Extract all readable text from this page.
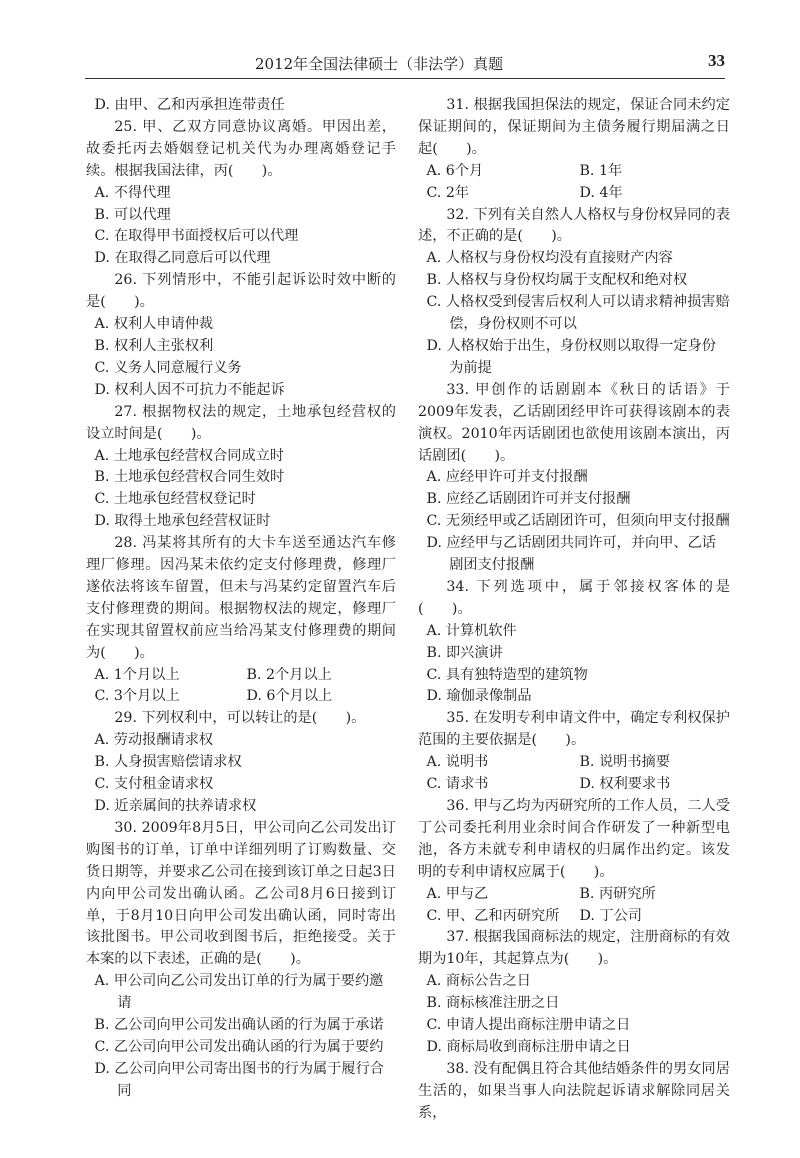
2012年全国法律硕士（非法学）真题	33

D. 由甲、乙和丙承担连带责任

25. 甲、乙双方同意协议离婚。甲因出差，故委托丙去婚姻登记机关代为办理离婚登记手续。根据我国法律，丙(　　)。

A. 不得代理

B. 可以代理

C. 在取得甲书面授权后可以代理

D. 在取得乙同意后可以代理

26. 下列情形中，不能引起诉讼时效中断的是(　　)。

A. 权利人申请仲裁

B. 权利人主张权利

C. 义务人同意履行义务

D. 权利人因不可抗力不能起诉

27. 根据物权法的规定，土地承包经营权的设立时间是(　　)。

A. 土地承包经营权合同成立时

B. 土地承包经营权合同生效时

C. 土地承包经营权登记时

D. 取得土地承包经营权证时

28. 冯某将其所有的大卡车送至通达汽车修理厂修理。因冯某未依约定支付修理费，修理厂遂依法将该车留置，但未与冯某约定留置汽车后支付修理费的期间。根据物权法的规定，修理厂在实现其留置权前应当给冯某支付修理费的期间为(　　)。

A. 1个月以上	B. 2个月以上
C. 3个月以上	D. 6个月以上

29. 下列权利中，可以转让的是(　　)。

A. 劳动报酬请求权

B. 人身损害赔偿请求权

C. 支付租金请求权

D. 近亲属间的扶养请求权

30. 2009年8月5日，甲公司向乙公司发出订购图书的订单，订单中详细列明了订购数量、交货日期等，并要求乙公司在接到该订单之日起3日内向甲公司发出确认函。乙公司8月6日接到订单，于8月10日向甲公司发出确认函，同时寄出该批图书。甲公司收到图书后，拒绝接受。关于本案的以下表述，正确的是(　　)。

A. 甲公司向乙公司发出订单的行为属于要约邀请

B. 乙公司向甲公司发出确认函的行为属于承诺

C. 乙公司向甲公司发出确认函的行为属于要约

D. 乙公司向甲公司寄出图书的行为属于履行合同

31. 根据我国担保法的规定，保证合同未约定保证期间的，保证期间为主债务履行期届满之日起(　　)。

A. 6个月	B. 1年
C. 2年	D. 4年

32. 下列有关自然人人格权与身份权异同的表述，不正确的是(　　)。

A. 人格权与身份权均没有直接财产内容

B. 人格权与身份权均属于支配权和绝对权

C. 人格权受到侵害后权利人可以请求精神损害赔偿，身份权则不可以

D. 人格权始于出生，身份权则以取得一定身份为前提

33. 甲创作的话剧剧本《秋日的话语》于2009年发表，乙话剧团经甲许可获得该剧本的表演权。2010年丙话剧团也欲使用该剧本演出，丙话剧团(　　)。

A. 应经甲许可并支付报酬

B. 应经乙话剧团许可并支付报酬

C. 无须经甲或乙话剧团许可，但须向甲支付报酬

D. 应经甲与乙话剧团共同许可，并向甲、乙话剧团支付报酬

34. 下列选项中，属于邻接权客体的是(　　)。

A. 计算机软件

B. 即兴演讲

C. 具有独特造型的建筑物

D. 瑜伽录像制品

35. 在发明专利申请文件中，确定专利权保护范围的主要依据是(　　)。

A. 说明书	B. 说明书摘要
C. 请求书	D. 权利要求书

36. 甲与乙均为丙研究所的工作人员，二人受丁公司委托利用业余时间合作研发了一种新型电池，各方未就专利申请权的归属作出约定。该发明的专利申请权应属于(　　)。

A. 甲与乙	B. 丙研究所
C. 甲、乙和丙研究所	D. 丁公司

37. 根据我国商标法的规定，注册商标的有效期为10年，其起算点为(　　)。

A. 商标公告之日

B. 商标核准注册之日

C. 申请人提出商标注册申请之日

D. 商标局收到商标注册申请之日

38. 没有配偶且符合其他结婚条件的男女同居生活的，如果当事人向法院起诉请求解除同居关系，
